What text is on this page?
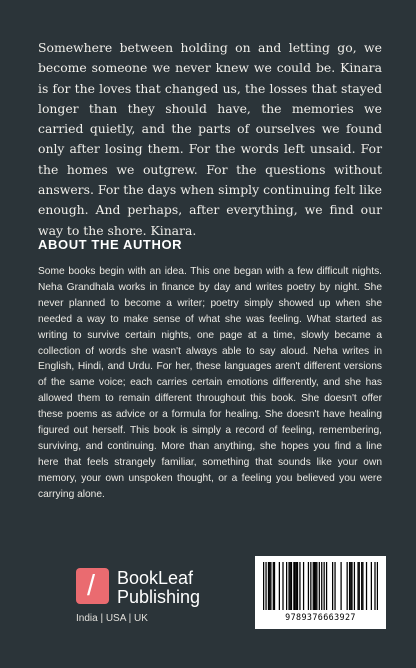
Somewhere between holding on and letting go, we become someone we never knew we could be. Kinara is for the loves that changed us, the losses that stayed longer than they should have, the memories we carried quietly, and the parts of ourselves we found only after losing them. For the words left unsaid. For the homes we outgrew. For the questions without answers. For the days when simply continuing felt like enough. And perhaps, after everything, we find our way to the shore. Kinara.
ABOUT THE AUTHOR
Some books begin with an idea. This one began with a few difficult nights. Neha Grandhala works in finance by day and writes poetry by night. She never planned to become a writer; poetry simply showed up when she needed a way to make sense of what she was feeling. What started as writing to survive certain nights, one page at a time, slowly became a collection of words she wasn't always able to say aloud. Neha writes in English, Hindi, and Urdu. For her, these languages aren't different versions of the same voice; each carries certain emotions differently, and she has allowed them to remain different throughout this book. She doesn't offer these poems as advice or a formula for healing. She doesn't have healing figured out herself. This book is simply a record of feeling, remembering, surviving, and continuing. More than anything, she hopes you find a line here that feels strangely familiar, something that sounds like your own memory, your own unspoken thought, or a feeling you believed you were carrying alone.
/ BookLeaf
Publishing
India | USA | UK	9789376663927
